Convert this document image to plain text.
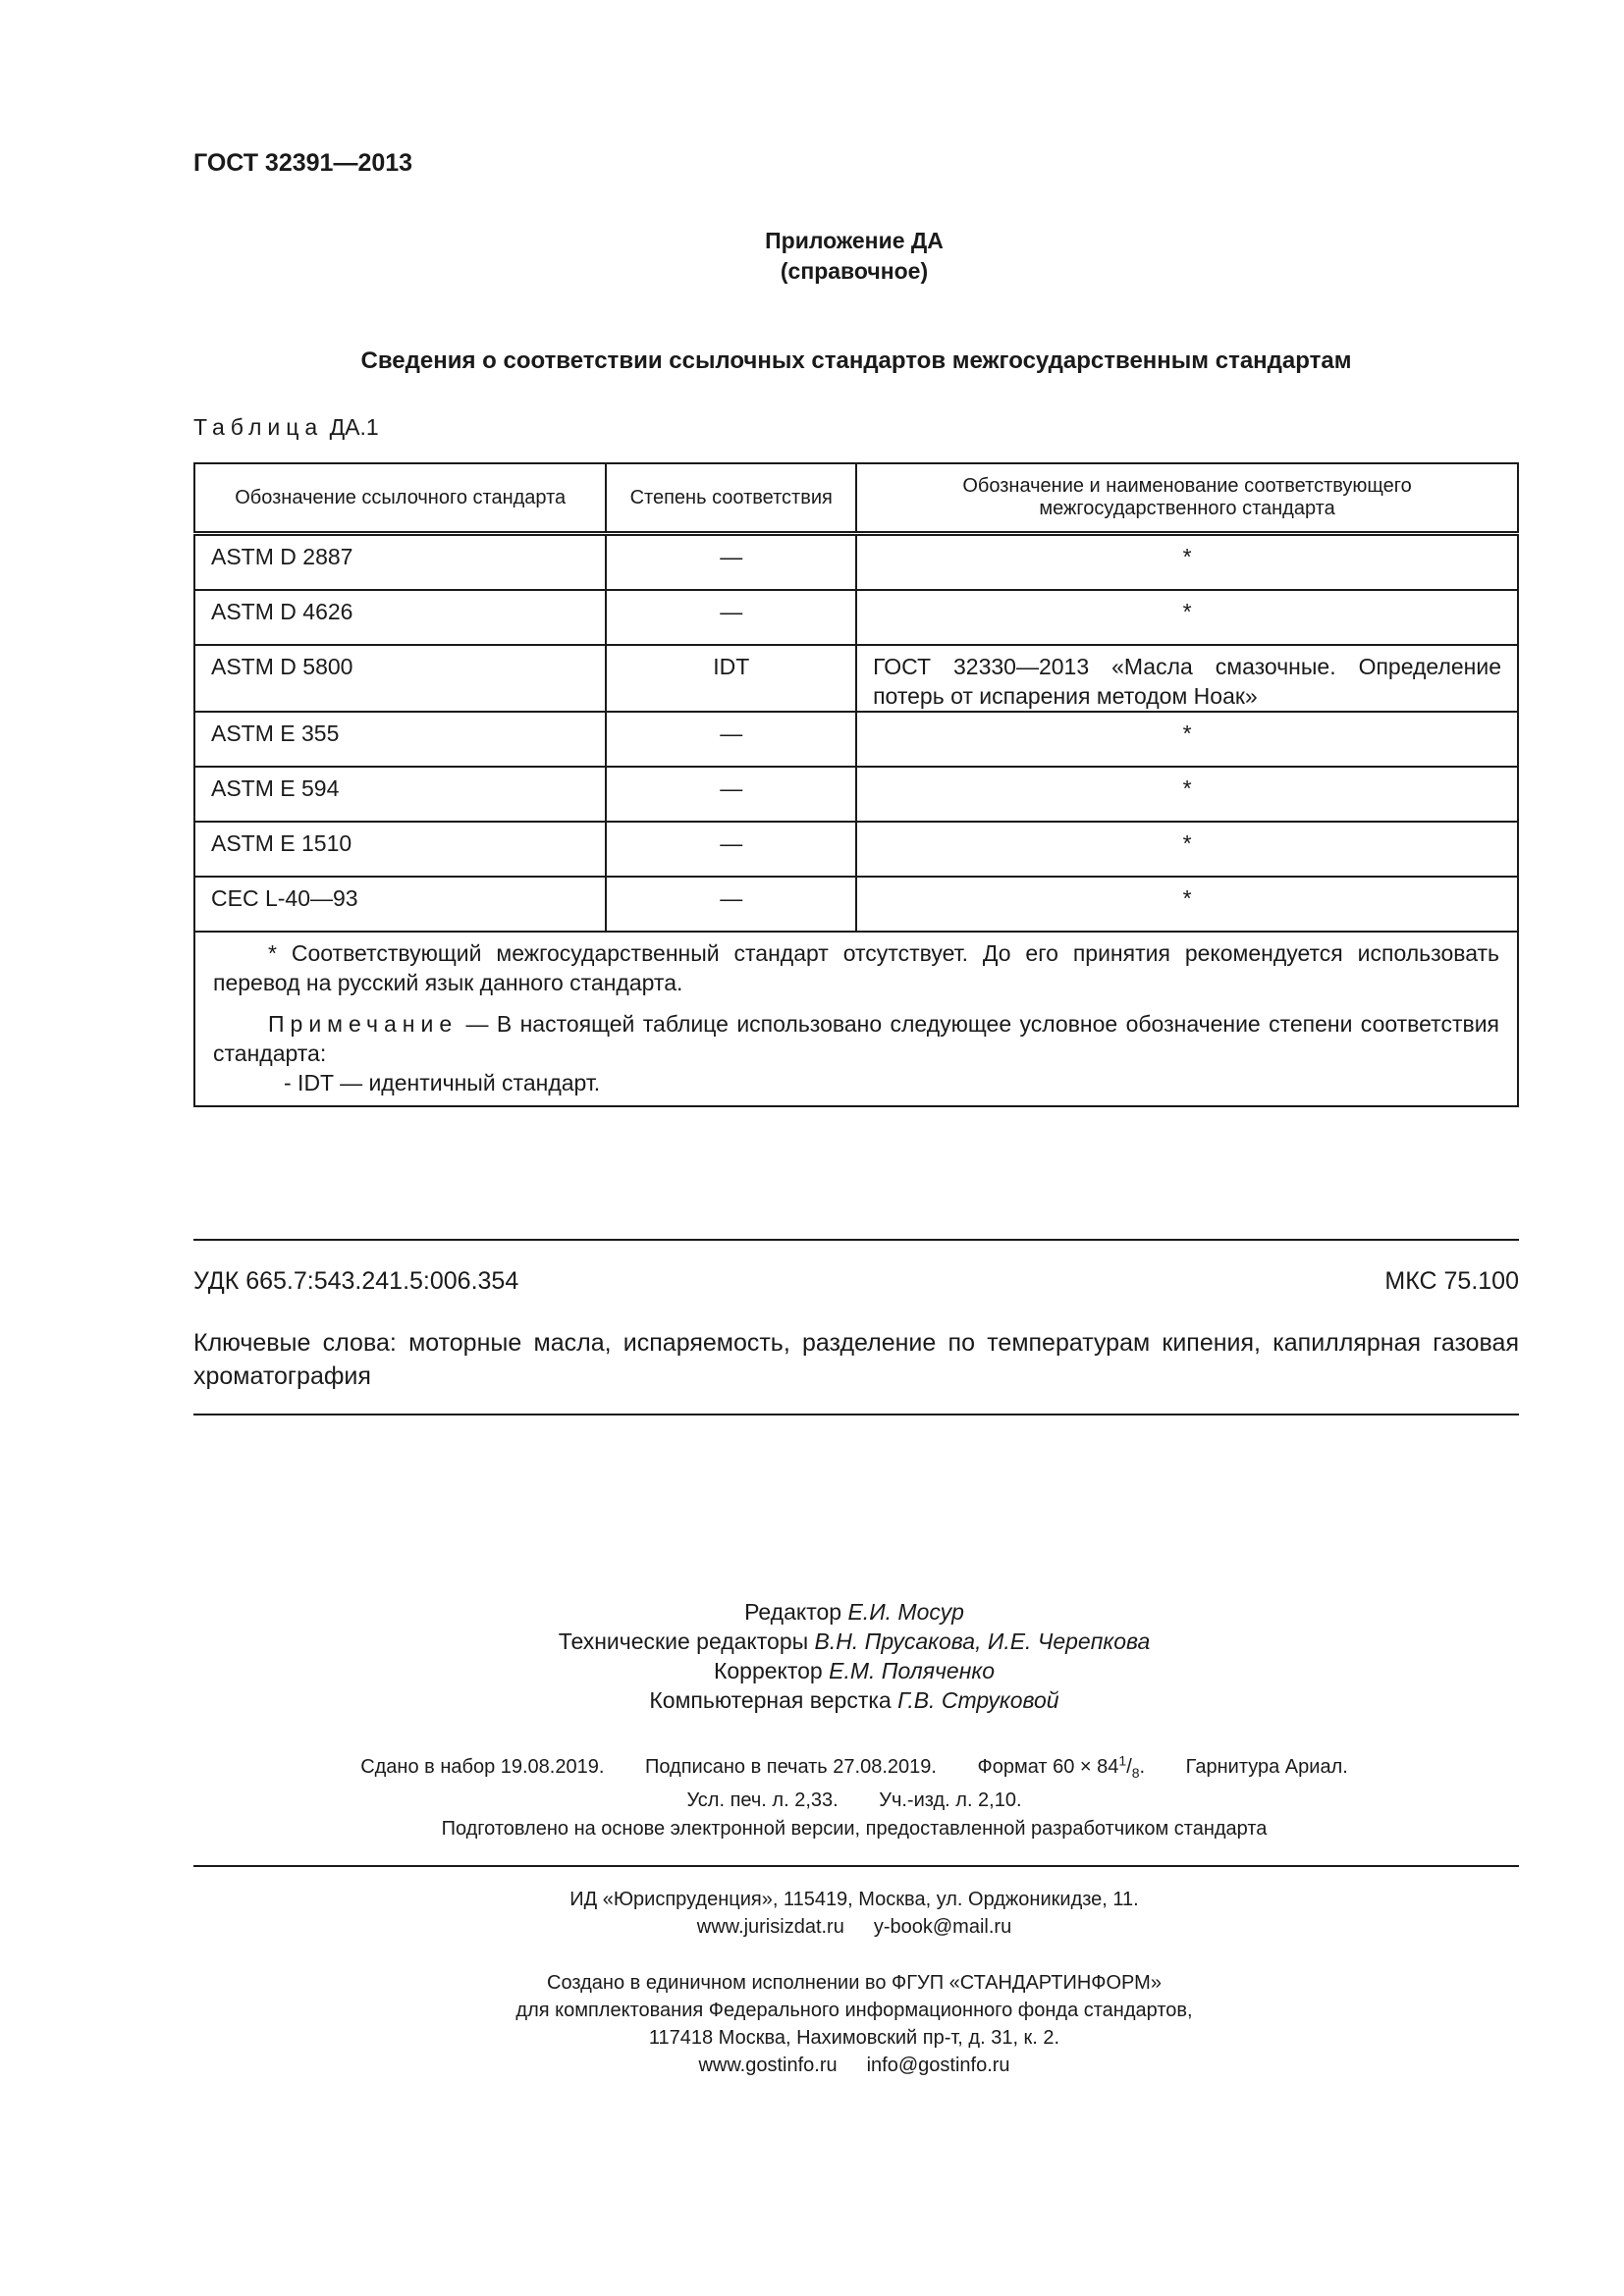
ГОСТ 32391—2013
Приложение ДА
(справочное)
Сведения о соответствии ссылочных стандартов межгосударственным стандартам
Таблица ДА.1
Обозначение ссылочного стандарта	Степень соответствия	Обозначение и наименование соответствующего межгосударственного стандарта
ASTM D 2887	—	*
ASTM D 4626	—	*
ASTM D 5800	IDT	ГОСТ 32330—2013 «Масла смазочные. Определение потерь от испарения методом Ноак»
ASTM E 355	—	*
ASTM E 594	—	*
ASTM E 1510	—	*
CEC L-40—93	—	*

* Соответствующий межгосударственный стандарт отсутствует. До его принятия рекомендуется использовать перевод на русский язык данного стандарта.

Примечание — В настоящей таблице использовано следующее условное обозначение степени соответствия стандарта:

- IDT — идентичный стандарт.		

УДК 665.7:543.241.5:006.354	МКС 75.100
Ключевые слова: моторные масла, испаряемость, разделение по температурам кипения, капиллярная газовая хроматография
Редактор Е.И. Мосур
Технические редакторы В.Н. Прусакова, И.Е. Черепкова
Корректор Е.М. Поляченко
Компьютерная верстка Г.В. Струковой
Сдано в набор 19.08.2019. Подписано в печать 27.08.2019. Формат $60 \times 84^1/_8$. Гарнитура Ариал.
Усл. печ. л. 2,33. Уч.-изд. л. 2,10.
Подготовлено на основе электронной версии, предоставленной разработчиком стандарта
ИД «Юриспруденция», 115419, Москва, ул. Орджоникидзе, 11.
www.jurisizdat.ru y-book@mail.ru
Создано в единичном исполнении во ФГУП «СТАНДАРТИНФОРМ»
для комплектования Федерального информационного фонда стандартов,
117418 Москва, Нахимовский пр-т, д. 31, к. 2.
www.gostinfo.ru info@gostinfo.ru
